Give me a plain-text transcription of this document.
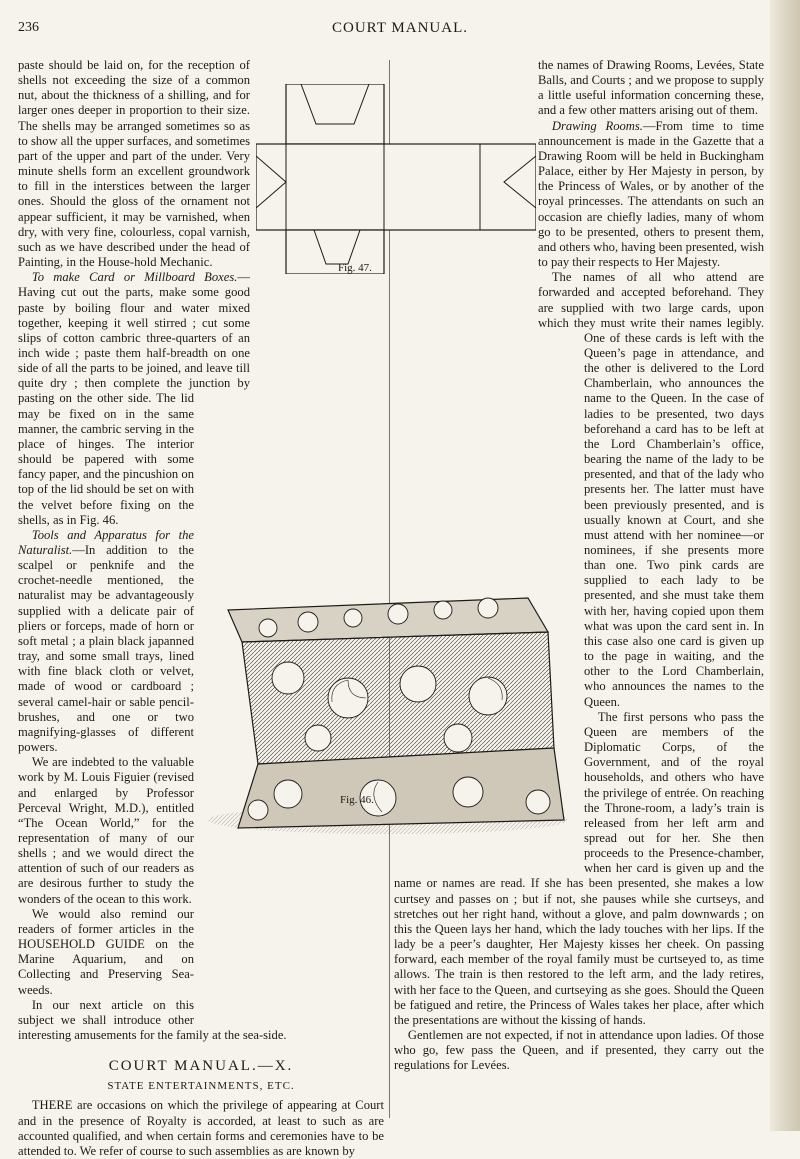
236	COURT MANUAL.

paste should be laid on, for the reception of shells not exceeding the size of a common nut, about the thickness of a shilling, and for larger ones deeper in proportion to their size. The shells may be arranged sometimes so as to show all the upper surfaces, and sometimes part of the upper and part of the under. Very minute shells form an excellent groundwork to fill in the interstices between the larger ones. Should the gloss of the ornament not appear sufficient, it may be varnished, when dry, with very fine, colourless, copal varnish, such as we have described under the head of Painting, in the House-hold Mechanic.

To make Card or Millboard Boxes.—Having cut out the parts, make some good paste by boiling flour and water mixed together, keeping it well stirred ; cut some slips of cotton cambric three-quarters of an inch wide ; paste them half-breadth on one side of all the parts to be joined, and leave till quite dry ; then complete the junction by pasting on the other side. The lid may be fixed on in the same manner, the cambric serving in the place of hinges. The interior should be papered with some fancy paper, and the pincushion on top of the lid should be set on with the velvet before fixing on the shells, as in Fig. 46.

Tools and Apparatus for the Naturalist.—In addition to the scalpel or penknife and the crochet-needle mentioned, the naturalist may be advantageously supplied with a delicate pair of pliers or forceps, made of horn or soft metal ; a plain black japanned tray, and some small trays, lined with fine black cloth or velvet, made of wood or cardboard ; several camel-hair or sable pencil-brushes, and one or two magnifying-glasses of different powers.

We are indebted to the valuable work by M. Louis Figuier (revised and enlarged by Professor Perceval Wright, M.D.), entitled “The Ocean World,” for the representation of many of our shells ; and we would direct the attention of such of our readers as are desirous further to study the wonders of the ocean to this work.

We would also remind our readers of former articles in the HOUSEHOLD GUIDE on the Marine Aquarium, and on Collecting and Preserving Sea-weeds.

In our next article on this subject we shall introduce other interesting amusements for the family at the sea-side.

COURT MANUAL.—X.
STATE ENTERTAINMENTS, ETC.

THERE are occasions on which the privilege of appearing at Court and in the presence of Royalty is accorded, at least to such as are accounted qualified, and when certain forms and ceremonies have to be attended to. We refer of course to such assemblies as are known by

the names of Drawing Rooms, Levées, State Balls, and Courts ; and we propose to supply a little useful information concerning these, and a few other matters arising out of them.

Drawing Rooms.—From time to time announcement is made in the Gazette that a Drawing Room will be held in Buckingham Palace, either by Her Majesty in person, by the Princess of Wales, or by another of the royal princesses. The attendants on such an occasion are chiefly ladies, many of whom go to be presented, others to present them, and others who, having been presented, wish to pay their respects to Her Majesty.

The names of all who attend are forwarded and accepted beforehand. They are supplied with two large cards, upon which they must write their names legibly. One of these cards is left with the Queen’s page in attendance, and the other is delivered to the Lord Chamberlain, who announces the name to the Queen. In the case of ladies to be presented, two days beforehand a card has to be left at the Lord Chamberlain’s office, bearing the name of the lady to be presented, and that of the lady who presents her. The latter must have been previously presented, and is usually known at Court, and she must attend with her nominee—or nominees, if she presents more than one. Two pink cards are supplied to each lady to be presented, and she must take them with her, having copied upon them what was upon the card sent in. In this case also one card is given up to the page in waiting, and the other to the Lord Chamberlain, who announces the names to the Queen.

The first persons who pass the Queen are members of the Diplomatic Corps, of the Government, and of the royal households, and others who have the privilege of entrée. On reaching the Throne-room, a lady’s train is released from her left arm and spread out for her. She then proceeds to the Presence-chamber, when her card is given up and the name or names are read. If she has been presented, she makes a low curtsey and passes on ; but if not, she pauses while she curtseys, and stretches out her right hand, without a glove, and palm downwards ; on this the Queen lays her hand, which the lady touches with her lips. If the lady be a peer’s daughter, Her Majesty kisses her cheek. On passing forward, each member of the royal family must be curtseyed to, as time allows. The train is then restored to the left arm, and the lady retires, with her face to the Queen, and curtseying as she goes. Should the Queen be fatigued and retire, the Princess of Wales takes her place, after which the presentations are without the kissing of hands.

Gentlemen are not expected, if not in attendance upon ladies. Of those who go, few pass the Queen, and if presented, they carry out the regulations for Levées.

Fig. 47.
Fig. 46.
